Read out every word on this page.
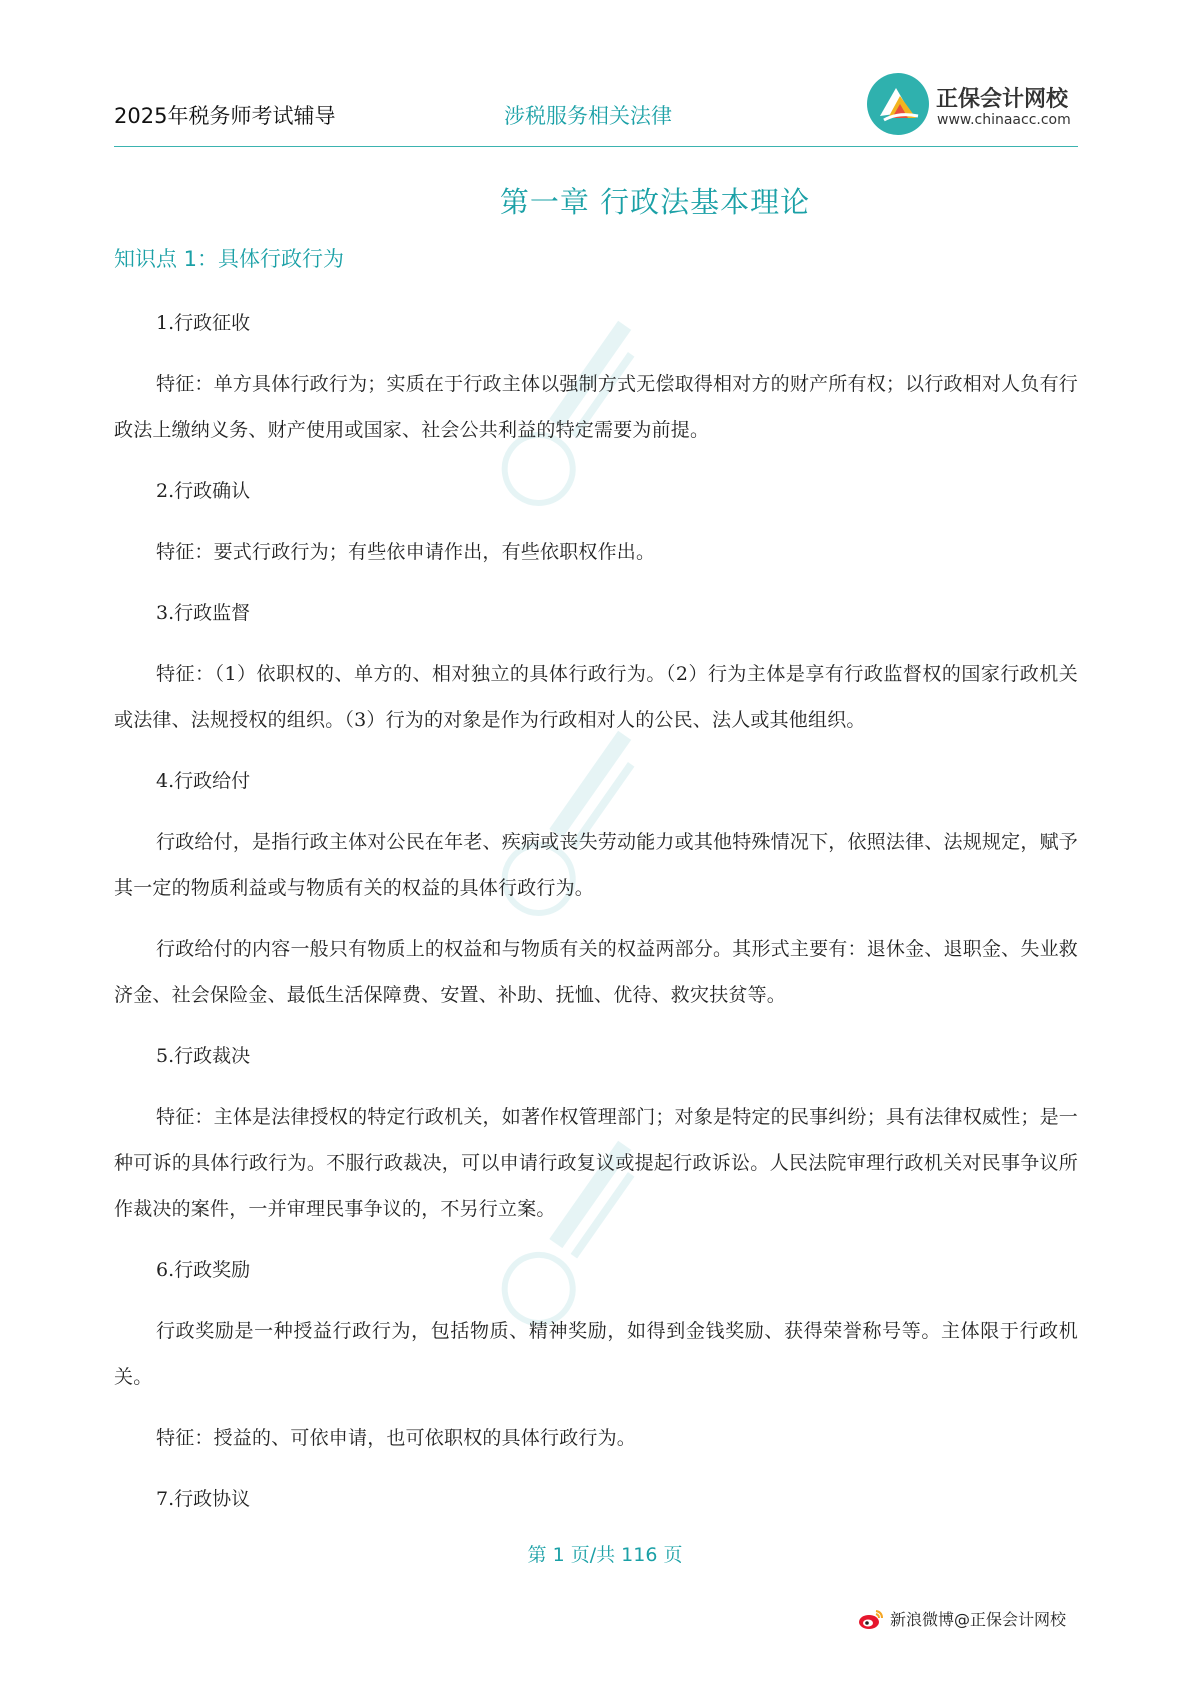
2025年税务师考试辅导	涉税服务相关法律
正保会计网校
www.chinaacc.com
第一章 行政法基本理论
知识点 1：具体行政行为
1.行政征收
特征：单方具体行政行为；实质在于行政主体以强制方式无偿取得相对方的财产所有权；以行政相对人负有行政法上缴纳义务、财产使用或国家、社会公共利益的特定需要为前提。
2.行政确认
特征：要式行政行为；有些依申请作出，有些依职权作出。
3.行政监督
特征：（1）依职权的、单方的、相对独立的具体行政行为。（2）行为主体是享有行政监督权的国家行政机关或法律、法规授权的组织。（3）行为的对象是作为行政相对人的公民、法人或其他组织。
4.行政给付
行政给付，是指行政主体对公民在年老、疾病或丧失劳动能力或其他特殊情况下，依照法律、法规规定，赋予其一定的物质利益或与物质有关的权益的具体行政行为。
行政给付的内容一般只有物质上的权益和与物质有关的权益两部分。其形式主要有：退休金、退职金、失业救济金、社会保险金、最低生活保障费、安置、补助、抚恤、优待、救灾扶贫等。
5.行政裁决
特征：主体是法律授权的特定行政机关，如著作权管理部门；对象是特定的民事纠纷；具有法律权威性；是一种可诉的具体行政行为。不服行政裁决，可以申请行政复议或提起行政诉讼。人民法院审理行政机关对民事争议所作裁决的案件，一并审理民事争议的，不另行立案。
6.行政奖励
行政奖励是一种授益行政行为，包括物质、精神奖励，如得到金钱奖励、获得荣誉称号等。主体限于行政机关。
特征：授益的、可依申请，也可依职权的具体行政行为。
7.行政协议
第 1 页/共 116 页
新浪微博@正保会计网校
